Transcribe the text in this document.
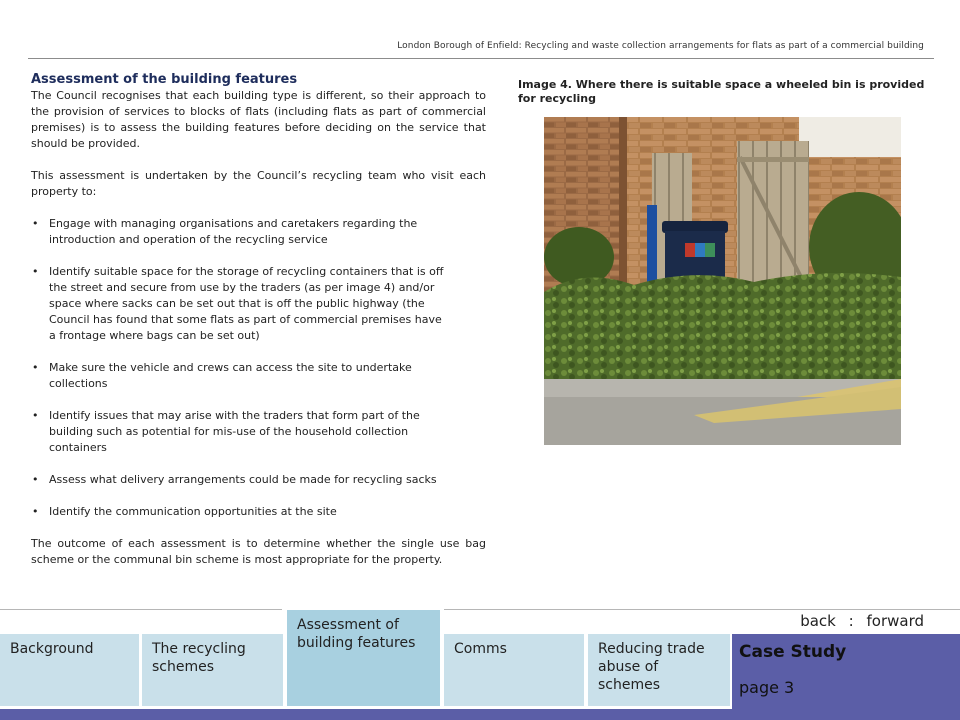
London Borough of Enfield: Recycling and waste collection arrangements for flats as part of a commercial building
Assessment of the building features
The Council recognises that each building type is different, so their approach to the provision of services to blocks of flats (including flats as part of commercial premises) is to assess the building features before deciding on the service that should be provided.
This assessment is undertaken by the Council’s recycling team who visit each property to:
• Engage with managing organisations and caretakers regarding the introduction and operation of the recycling service
• Identify suitable space for the storage of recycling containers that is off the street and secure from use by the traders (as per image 4) and/or space where sacks can be set out that is off the public highway (the Council has found that some flats as part of commercial premises have a frontage where bags can be set out)
• Make sure the vehicle and crews can access the site to undertake collections
• Identify issues that may arise with the traders that form part of the building such as potential for mis-use of the household collection containers
• Assess what delivery arrangements could be made for recycling sacks
• Identify the communication opportunities at the site
The outcome of each assessment is to determine whether the single use bag scheme or the communal bin scheme is most appropriate for the property.
Image 4. Where there is suitable space a wheeled bin is provided for recycling
back : forward
Background	The recycling schemes
Assessment of building features	Comms	Reducing trade abuse of schemes
Case Study
page 3
